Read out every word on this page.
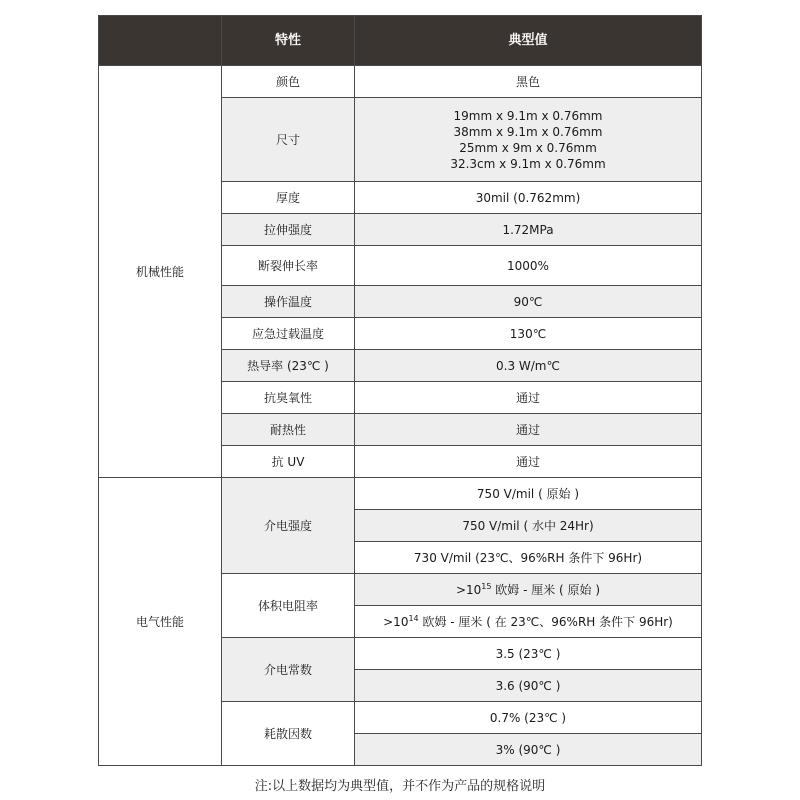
	特性	典型值
机械性能	颜色	黑色
	尺寸	19mm x 9.1m x 0.76mm
38mm x 9.1m x 0.76mm
25mm x 9m x 0.76mm
32.3cm x 9.1m x 0.76mm

	厚度	30mil (0.762mm)
	拉伸强度	1.72MPa
	断裂伸长率	1000%
	操作温度	90℃
	应急过载温度	130℃
	热导率 (23℃ )	0.3 W/m℃
	抗臭氧性	通过
	耐热性	通过
	抗 UV	通过
电气性能	介电强度	750 V/mil ( 原始 )
		750 V/mil ( 水中 24Hr)
		730 V/mil (23℃、96%RH 条件下 96Hr)
	体积电阻率	$>10^{15}$ 欧姆 - 厘米 ( 原始 )
		$>10^{14}$ 欧姆 - 厘米 ( 在 23℃、96%RH 条件下 96Hr)
	介电常数	3.5 (23℃ )
		3.6 (90℃ )
	耗散因数	0.7% (23℃ )
		3% (90℃ )
注:以上数据均为典型值，并不作为产品的规格说明
